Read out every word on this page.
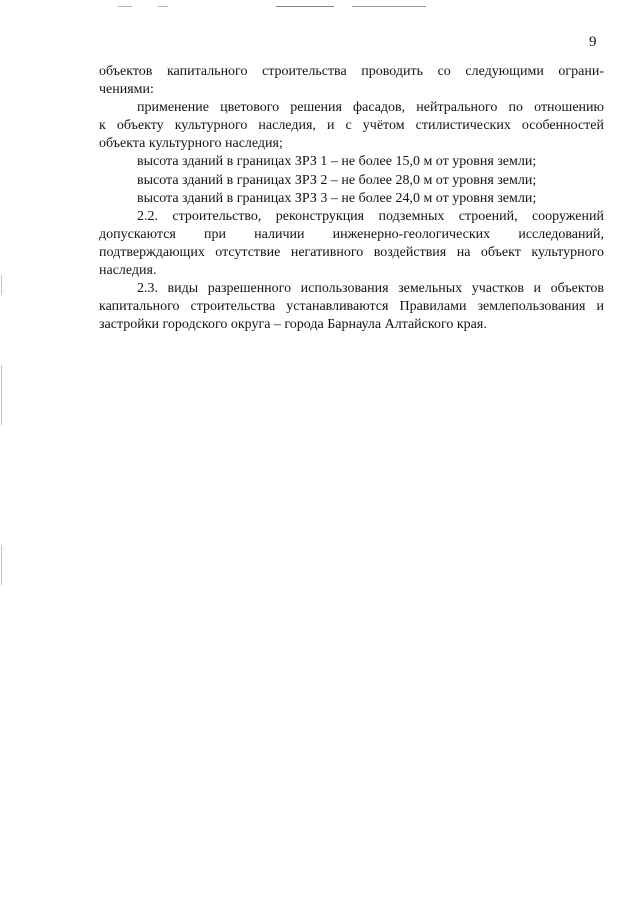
9
объектов капитального строительства проводить со следующими ограни-
чениями:
применение цветового решения фасадов, нейтрального по отношению
к объекту культурного наследия, и с учётом стилистических особенностей
объекта культурного наследия;
высота зданий в границах ЗРЗ 1 – не более 15,0 м от уровня земли;
высота зданий в границах ЗРЗ 2 – не более 28,0 м от уровня земли;
высота зданий в границах ЗРЗ 3 – не более 24,0 м от уровня земли;
2.2. строительство, реконструкция подземных строений, сооружений
допускаются при наличии инженерно-геологических исследований,
подтверждающих отсутствие негативного воздействия на объект культурного
наследия.
2.3. виды разрешенного использования земельных участков и объектов
капитального строительства устанавливаются Правилами землепользования и
застройки городского округа – города Барнаула Алтайского края.
